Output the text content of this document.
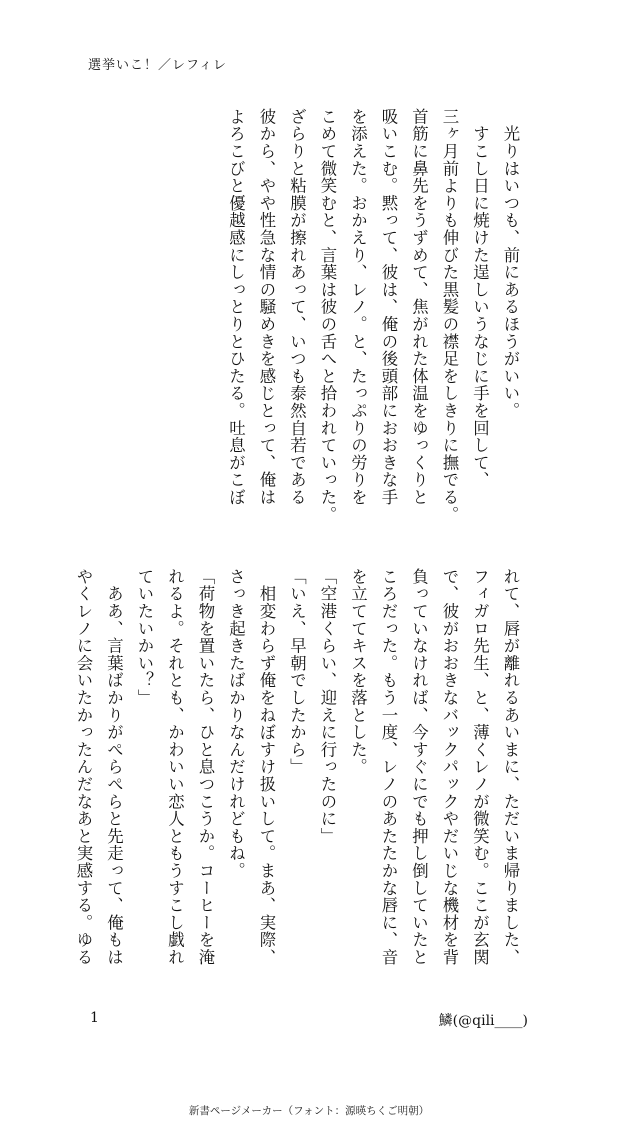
選挙いこ！／レフィレ
　光りはいつも、前にあるほうがいい。
　すこし日に焼けた逞しいうなじに手を回して、
三ヶ月前よりも伸びた黒髪の襟足をしきりに撫でる。
首筋に鼻先をうずめて、焦がれた体温をゆっくりと
吸いこむ。黙って、彼は、俺の後頭部におおきな手
を添えた。おかえり、レノ。と、たっぷりの労りを
こめて微笑むと、言葉は彼の舌へと拾われていった。
ざらりと粘膜が擦れあって、いつも泰然自若である
彼から、やや性急な情の騒めきを感じとって、俺は
よろこびと優越感にしっとりとひたる。吐息がこぼ
れて、唇が離れるあいまに、ただいま帰りました、
フィガロ先生、と、薄くレノが微笑む。ここが玄関
で、彼がおおきなバックパックやだいじな機材を背
負っていなければ、今すぐにでも押し倒していたと
ころだった。もう一度、レノのあたたかな唇に、音
を立ててキスを落とした。
「空港くらい、迎えに行ったのに」
「いえ、早朝でしたから」
　相変わらず俺をねぼすけ扱いして。まあ、実際、
さっき起きたばかりなんだけれどもね。
「荷物を置いたら、ひと息つこうか。コーヒーを淹
れるよ。それとも、かわいい恋人ともうすこし戯れ
ていたいかい？」
　ああ、言葉ばかりがぺらぺらと先走って、俺もは
やくレノに会いたかったんだなあと実感する。ゆる
1	鱗(@qili____)
新書ページメーカー（フォント：源暎ちくご明朝）
